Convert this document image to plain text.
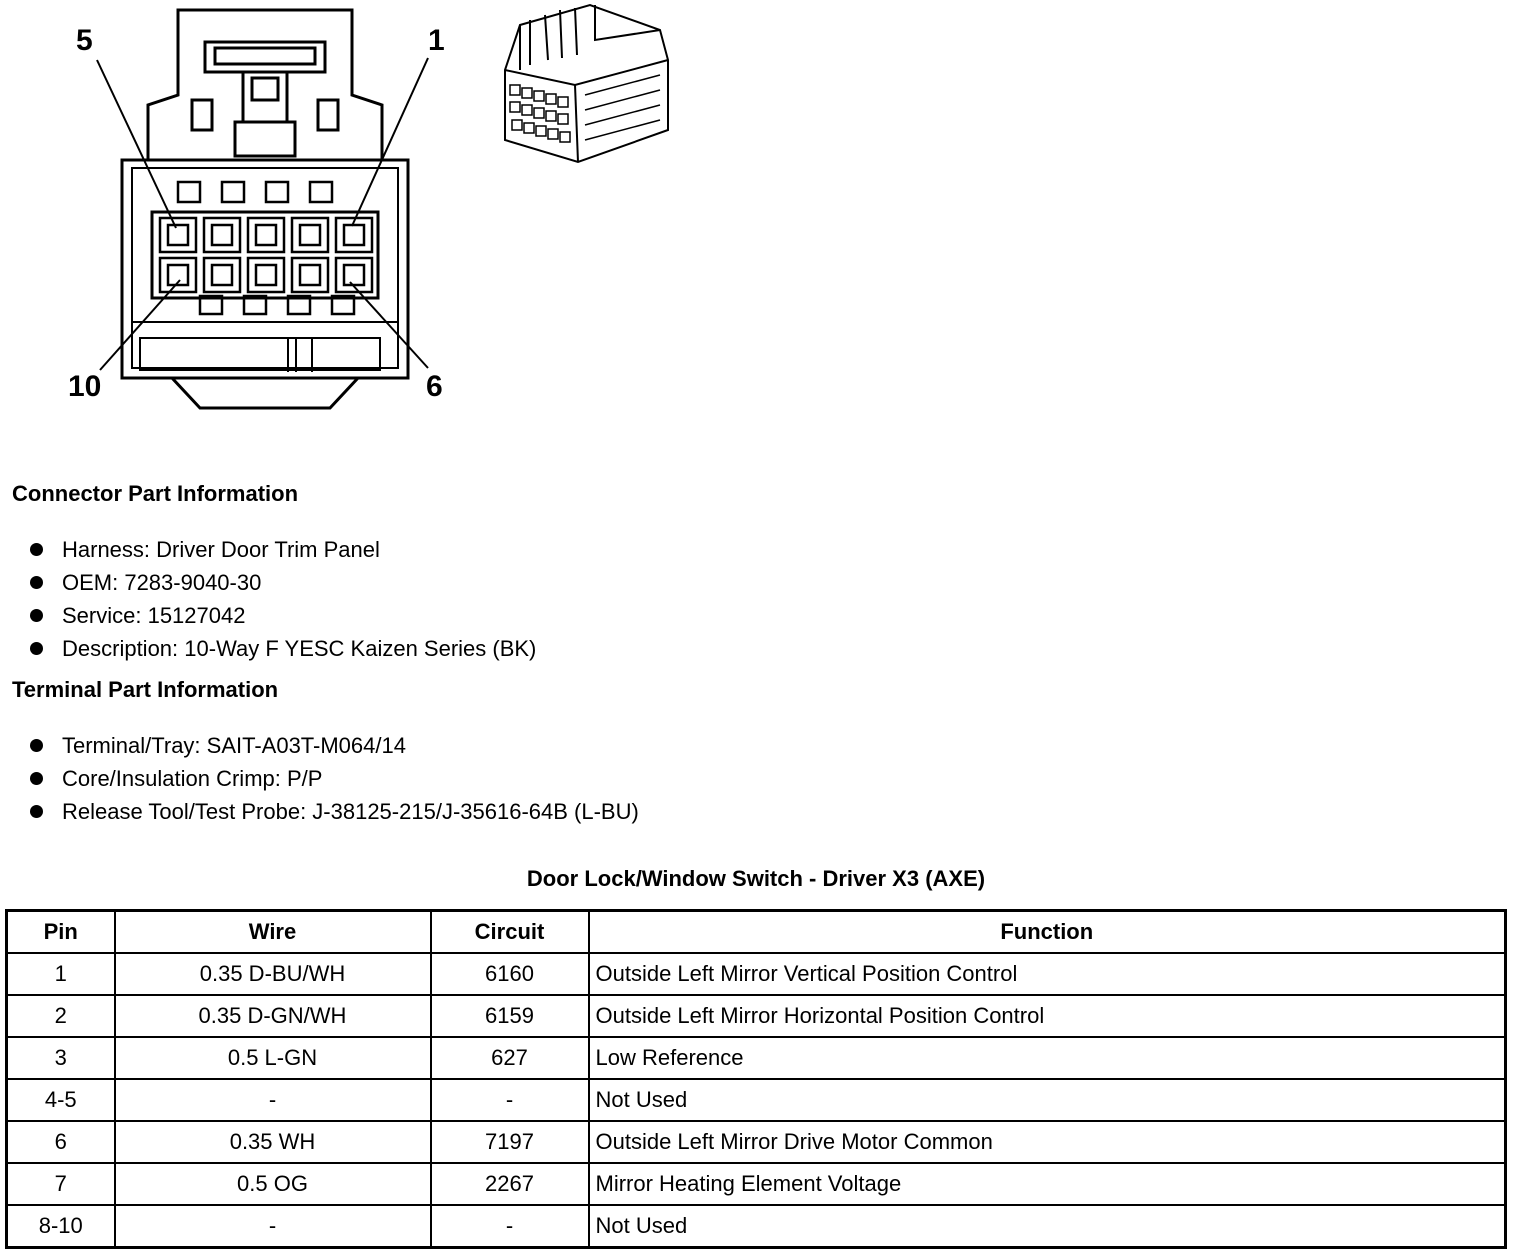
5	1
10	6
Connector Part Information
Harness: Driver Door Trim Panel
OEM: 7283-9040-30
Service: 15127042
Description: 10-Way F YESC Kaizen Series (BK)
Terminal Part Information
Terminal/Tray: SAIT-A03T-M064/14
Core/Insulation Crimp: P/P
Release Tool/Test Probe: J-38125-215/J-35616-64B (L-BU)
Door Lock/Window Switch - Driver X3 (AXE)
Pin	Wire	Circuit	Function
1	0.35 D-BU/WH	6160	Outside Left Mirror Vertical Position Control
2	0.35 D-GN/WH	6159	Outside Left Mirror Horizontal Position Control
3	0.5 L-GN	627	Low Reference
4-5	-	-	Not Used
6	0.35 WH	7197	Outside Left Mirror Drive Motor Common
7	0.5 OG	2267	Mirror Heating Element Voltage
8-10	-	-	Not Used
